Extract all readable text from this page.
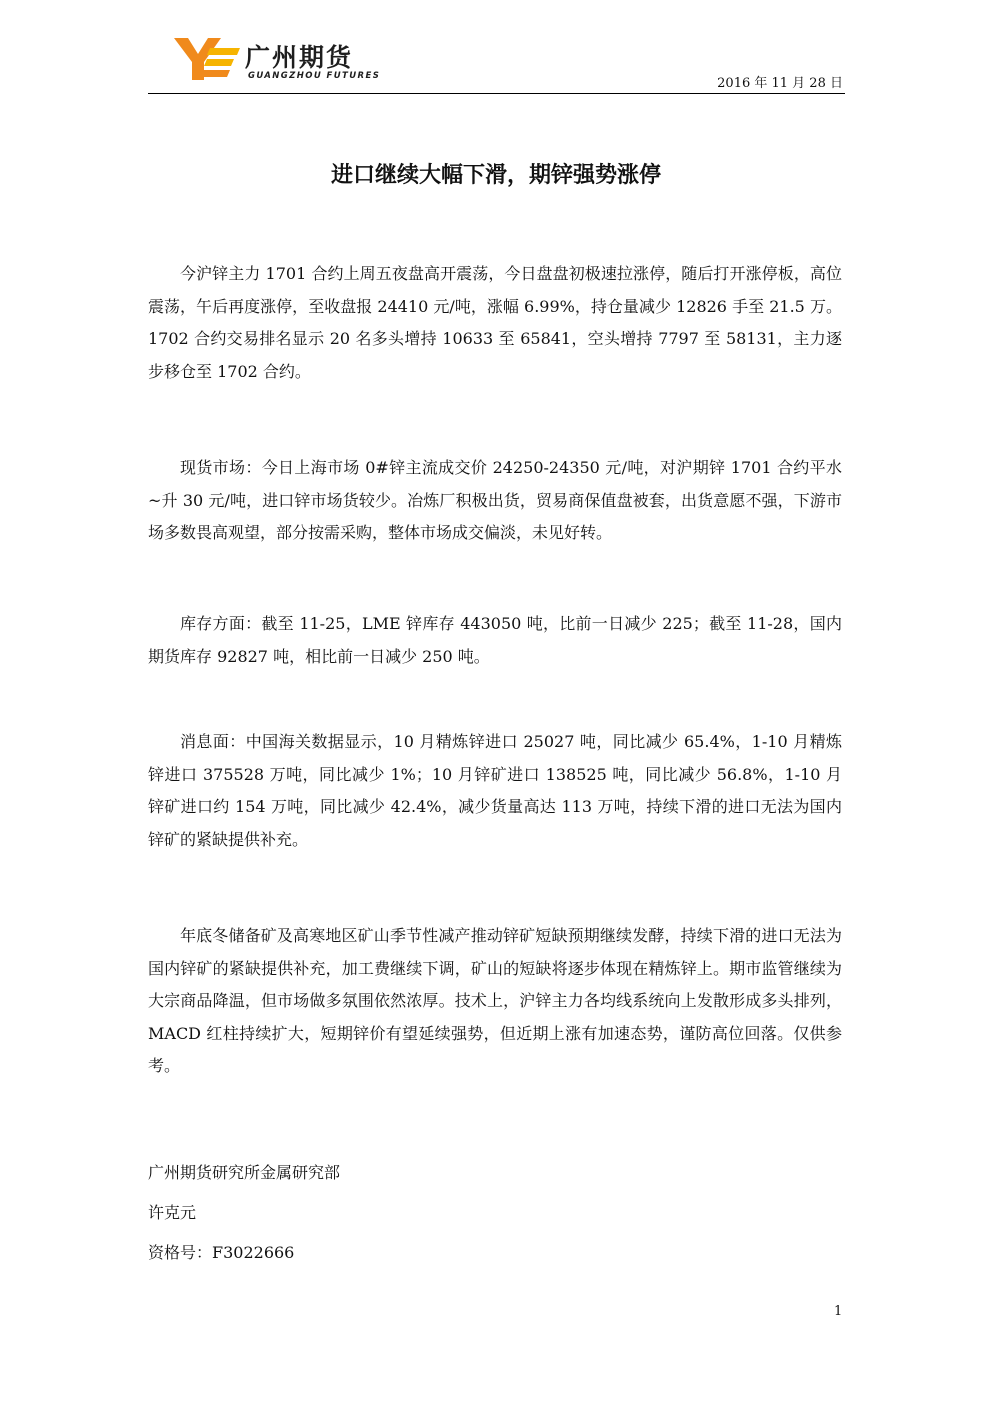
广州期货
GUANGZHOU FUTURES	2016 年 11 月 28 日
进口继续大幅下滑，期锌强势涨停

今沪锌主力 1701 合约上周五夜盘高开震荡，今日盘盘初极速拉涨停，随后打开涨停板，高位震荡，午后再度涨停，至收盘报 24410 元/吨，涨幅 6.99%，持仓量减少 12826 手至 21.5 万。1702 合约交易排名显示 20 名多头增持 10633 至 65841，空头增持 7797 至 58131，主力逐步移仓至 1702 合约。

现货市场：今日上海市场 0#锌主流成交价 24250-24350 元/吨，对沪期锌 1701 合约平水~升 30 元/吨，进口锌市场货较少。冶炼厂积极出货，贸易商保值盘被套，出货意愿不强，下游市场多数畏高观望，部分按需采购，整体市场成交偏淡，未见好转。

库存方面：截至 11-25，LME 锌库存 443050 吨，比前一日减少 225；截至 11-28，国内期货库存 92827 吨，相比前一日减少 250 吨。

消息面：中国海关数据显示，10 月精炼锌进口 25027 吨，同比减少 65.4%，1-10 月精炼锌进口 375528 万吨，同比减少 1%；10 月锌矿进口 138525 吨，同比减少 56.8%，1-10 月锌矿进口约 154 万吨，同比减少 42.4%，减少货量高达 113 万吨，持续下滑的进口无法为国内锌矿的紧缺提供补充。

年底冬储备矿及高寒地区矿山季节性减产推动锌矿短缺预期继续发酵，持续下滑的进口无法为国内锌矿的紧缺提供补充，加工费继续下调，矿山的短缺将逐步体现在精炼锌上。期市监管继续为大宗商品降温，但市场做多氛围依然浓厚。技术上，沪锌主力各均线系统向上发散形成多头排列，MACD 红柱持续扩大，短期锌价有望延续强势，但近期上涨有加速态势，谨防高位回落。仅供参考。

广州期货研究所金属研究部
许克元
资格号：F3022666
1
